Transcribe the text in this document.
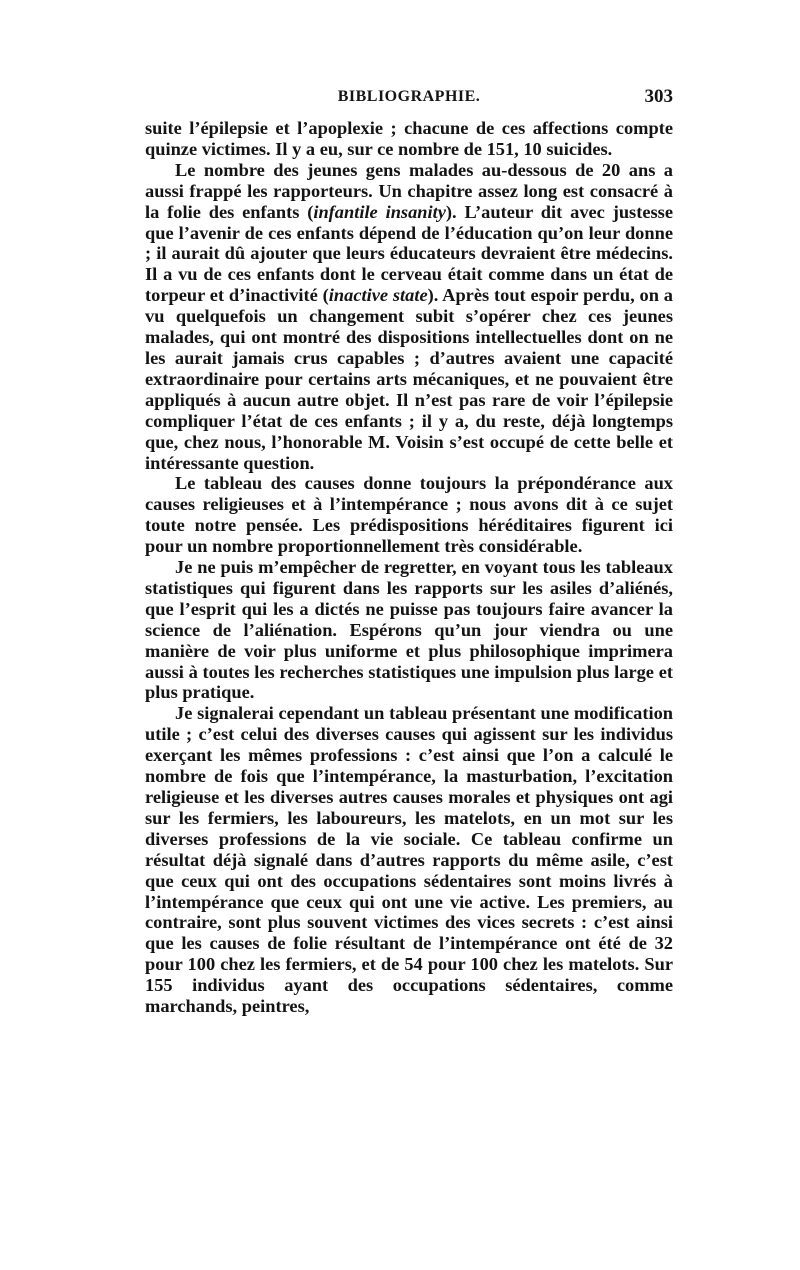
BIBLIOGRAPHIE.	303

suite l’épilepsie et l’apoplexie ; chacune de ces affections compte quinze victimes. Il y a eu, sur ce nombre de 151, 10 suicides.

Le nombre des jeunes gens malades au-dessous de 20 ans a aussi frappé les rapporteurs. Un chapitre assez long est consacré à la folie des enfants (infantile insanity). L’auteur dit avec justesse que l’avenir de ces enfants dépend de l’éducation qu’on leur donne ; il aurait dû ajouter que leurs éducateurs devraient être médecins. Il a vu de ces enfants dont le cerveau était comme dans un état de torpeur et d’inactivité (inactive state). Après tout espoir perdu, on a vu quelquefois un changement subit s’opérer chez ces jeunes malades, qui ont montré des dispositions intellectuelles dont on ne les aurait jamais crus capables ; d’autres avaient une capacité extraordinaire pour certains arts mécaniques, et ne pouvaient être appliqués à aucun autre objet. Il n’est pas rare de voir l’épilepsie compliquer l’état de ces enfants ; il y a, du reste, déjà longtemps que, chez nous, l’honorable M. Voisin s’est occupé de cette belle et intéressante question.

Le tableau des causes donne toujours la prépondérance aux causes religieuses et à l’intempérance ; nous avons dit à ce sujet toute notre pensée. Les prédispositions héréditaires figurent ici pour un nombre proportionnellement très considérable.

Je ne puis m’empêcher de regretter, en voyant tous les tableaux statistiques qui figurent dans les rapports sur les asiles d’aliénés, que l’esprit qui les a dictés ne puisse pas toujours faire avancer la science de l’aliénation. Espérons qu’un jour viendra ou une manière de voir plus uniforme et plus philosophique imprimera aussi à toutes les recherches statistiques une impulsion plus large et plus pratique.

Je signalerai cependant un tableau présentant une modification utile ; c’est celui des diverses causes qui agissent sur les individus exerçant les mêmes professions : c’est ainsi que l’on a calculé le nombre de fois que l’intempérance, la masturbation, l’excitation religieuse et les diverses autres causes morales et physiques ont agi sur les fermiers, les laboureurs, les matelots, en un mot sur les diverses professions de la vie sociale. Ce tableau confirme un résultat déjà signalé dans d’autres rapports du même asile, c’est que ceux qui ont des occupations sédentaires sont moins livrés à l’intempérance que ceux qui ont une vie active. Les premiers, au contraire, sont plus souvent victimes des vices secrets : c’est ainsi que les causes de folie résultant de l’intempérance ont été de 32 pour 100 chez les fermiers, et de 54 pour 100 chez les matelots. Sur 155 individus ayant des occupations sédentaires, comme marchands, peintres,
